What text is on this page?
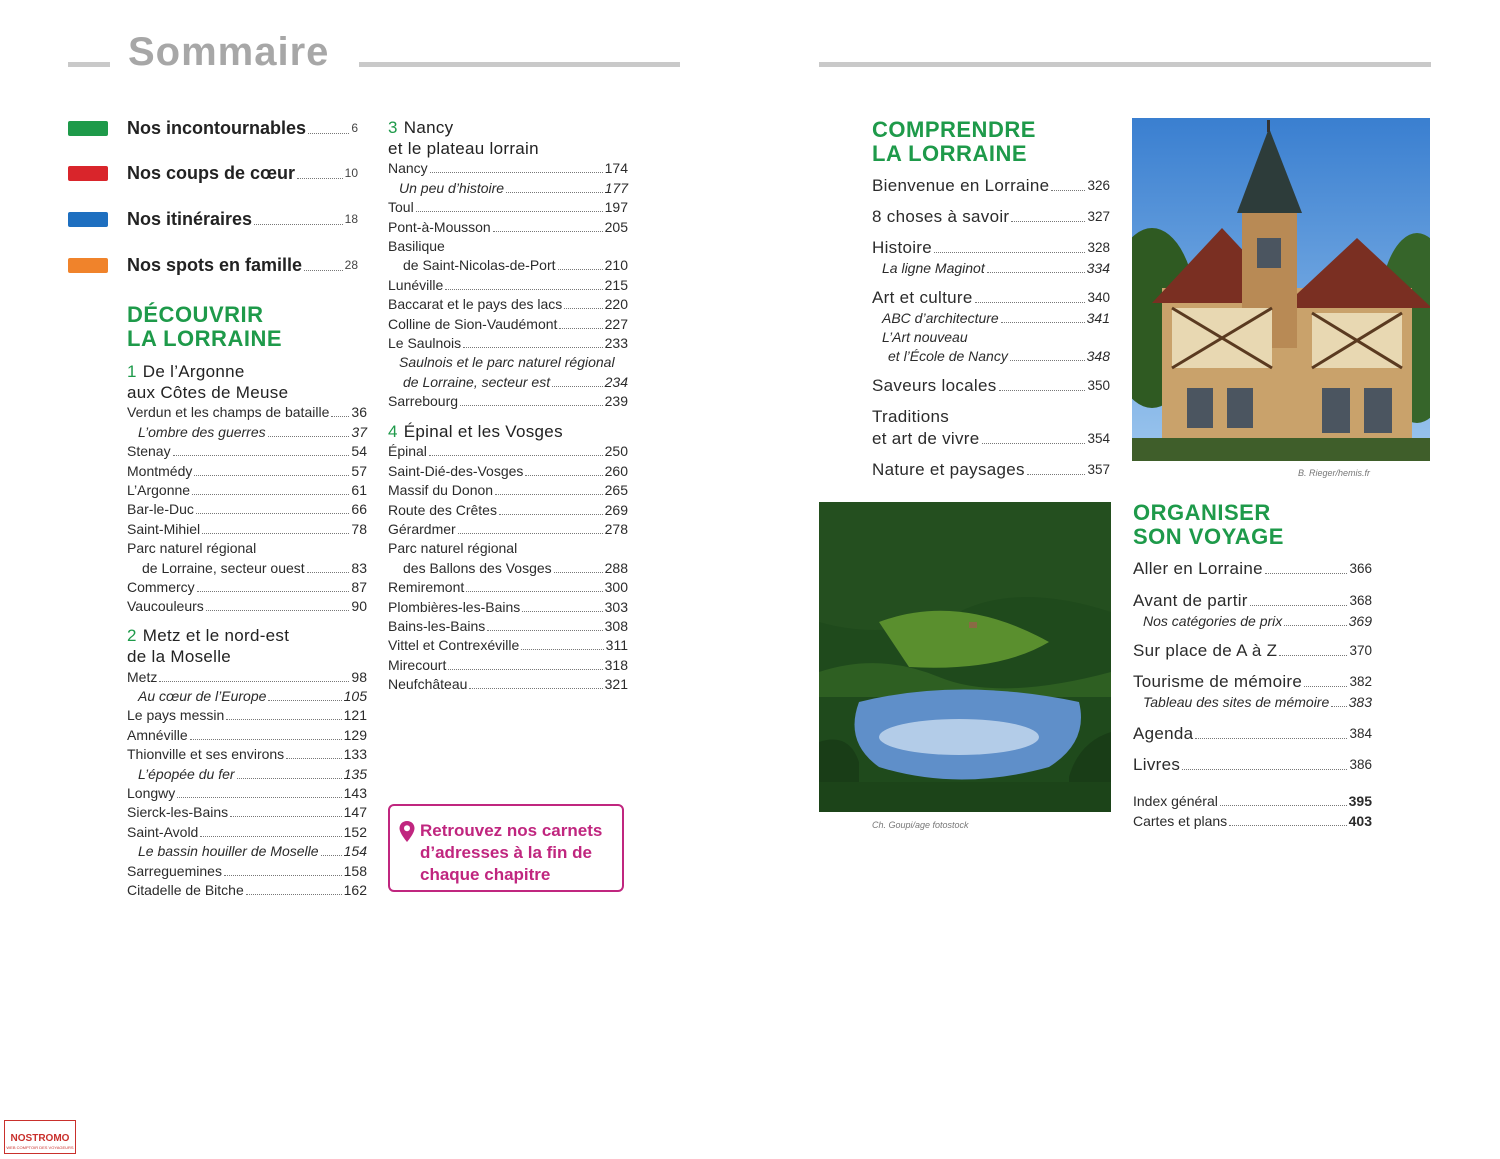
Sommaire
Nos incontournables	6
Nos coups de cœur	10
Nos itinéraires	18
Nos spots en famille	28
DÉCOUVRIR
LA LORRAINE
1 De l’Argonne
aux Côtes de Meuse
Verdun et les champs de bataille 36
L’ombre des guerres	37
Stenay	54
Montmédy	57
L’Argonne	61
Bar-le-Duc	66
Saint-Mihiel	78
Parc naturel régional
de Lorraine, secteur ouest	83
Commercy	87
Vaucouleurs	90
2 Metz et le nord-est
de la Moselle
Metz	98
Au cœur de l’Europe	105
Le pays messin	121
Amnéville	129
Thionville et ses environs	133
L’épopée du fer	135
Longwy	143
Sierck-les-Bains	147
Saint-Avold	152
Le bassin houiller de Moselle 154
Sarreguemines	158
Citadelle de Bitche	162
3 Nancy
et le plateau lorrain
Nancy	174
Un peu d’histoire	177
Toul	197
Pont-à-Mousson	205
Basilique
de Saint-Nicolas-de-Port	210
Lunéville	215
Baccarat et le pays des lacs	220
Colline de Sion-Vaudémont	227
Le Saulnois	233
Saulnois et le parc naturel régional
de Lorraine, secteur est	234
Sarrebourg	239
4 Épinal et les Vosges
Épinal	250
Saint-Dié-des-Vosges	260
Massif du Donon	265
Route des Crêtes	269
Gérardmer	278
Parc naturel régional
des Ballons des Vosges	288
Remiremont	300
Plombières-les-Bains	303
Bains-les-Bains	308
Vittel et Contrexéville	311
Mirecourt	318
Neufchâteau	321
Retrouvez nos carnets
d’adresses à la fin de
chaque chapitre
COMPRENDRE
LA LORRAINE
Bienvenue en Lorraine	326
8 choses à savoir	327
Histoire	328
La ligne Maginot	334
Art et culture	340
ABC d’architecture	341
L’Art nouveau
et l’École de Nancy	348
Saveurs locales	350
Traditions
et art de vivre	354
Nature et paysages	357	B. Rieger/hemis.fr
Ch. Goupi/age fotostock
ORGANISER
SON VOYAGE
Aller en Lorraine	366
Avant de partir	368
Nos catégories de prix	369
Sur place de A à Z	370
Tourisme de mémoire	382
Tableau des sites de mémoire 383
Agenda	384
Livres	386
Index général	395
Cartes et plans	403
NOSTROMO
WEB COMPTOIR DES VOYAGEURS
